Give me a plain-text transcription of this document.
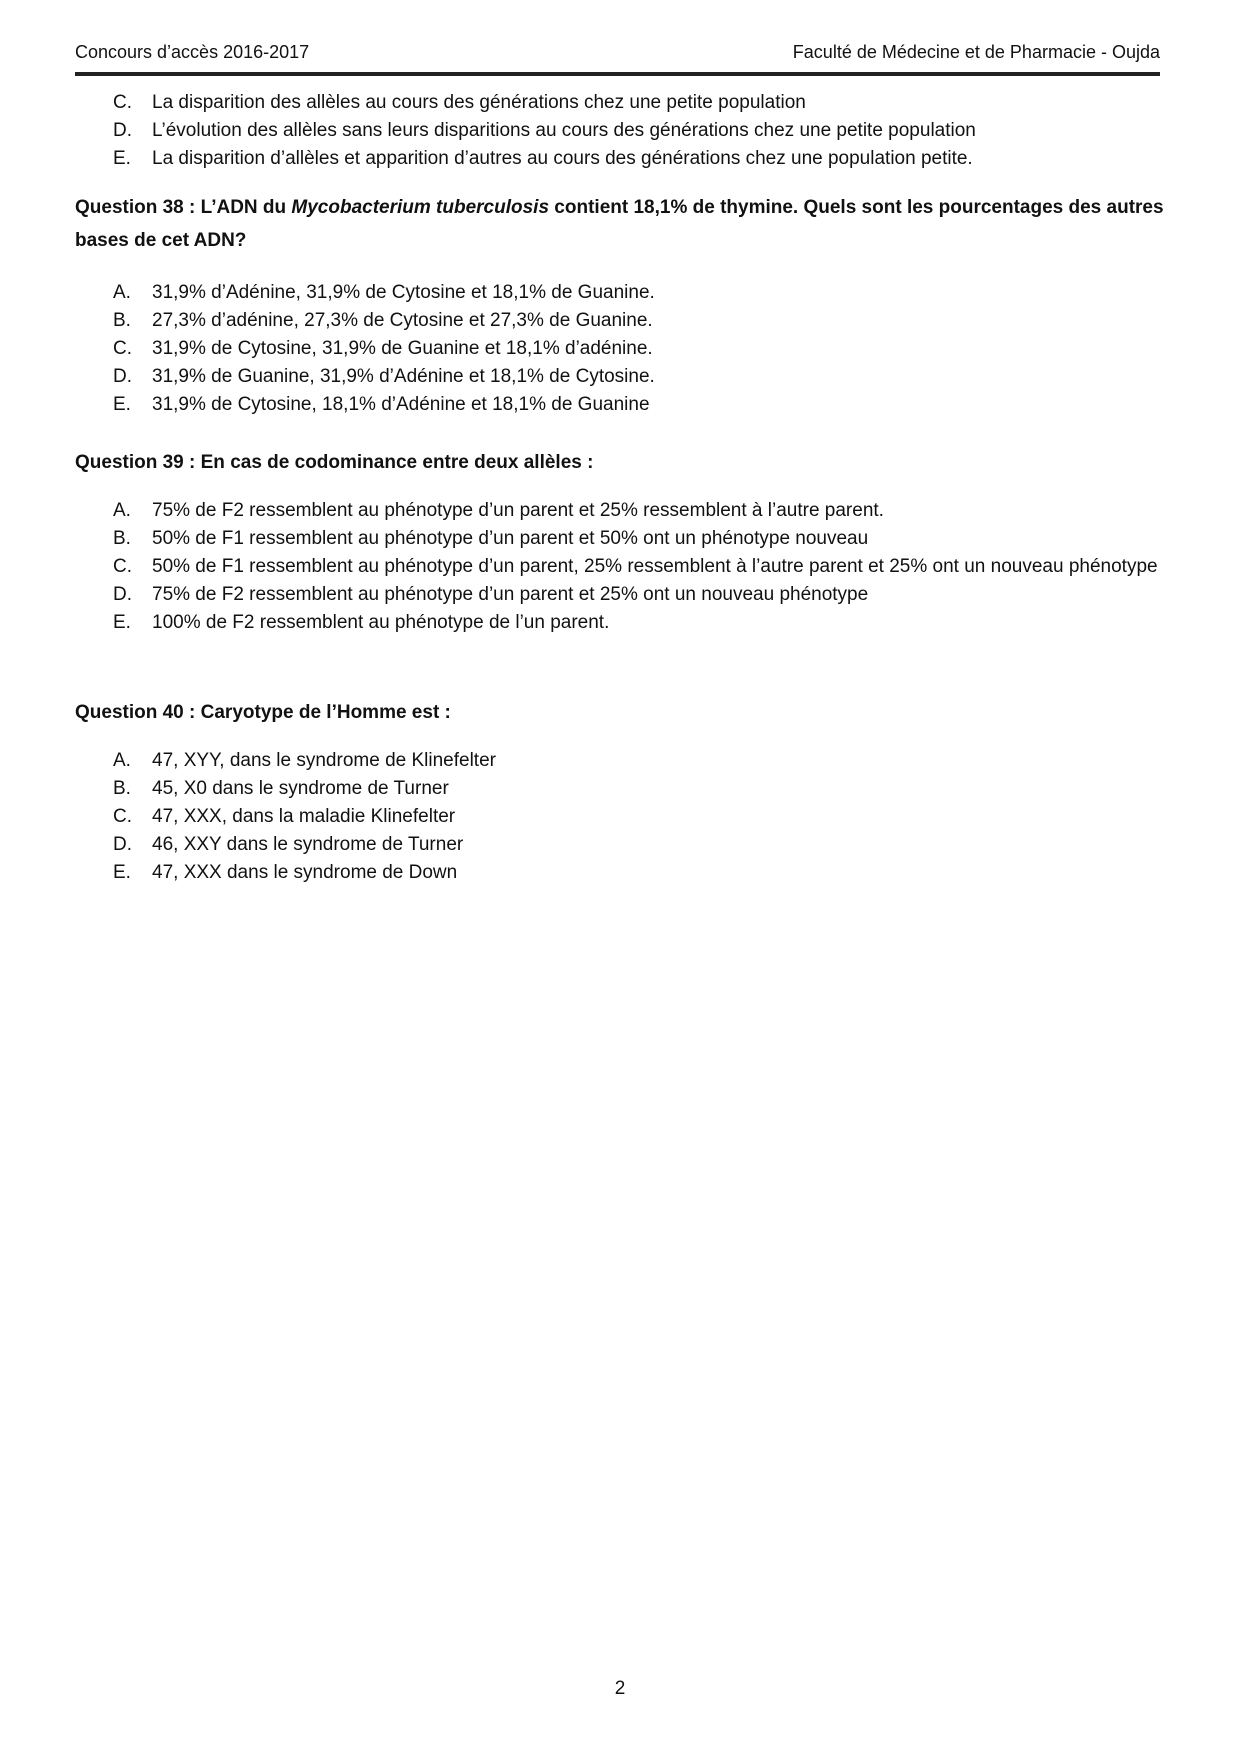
Concours d’accès 2016-2017	Faculté de Médecine et de Pharmacie - Oujda
C. La disparition des allèles au cours des générations chez une petite population
D. L’évolution des allèles sans leurs disparitions au cours des générations chez une petite population
E. La disparition d’allèles et apparition d’autres au cours des générations chez une population petite.
Question 38 : L’ADN du Mycobacterium tuberculosis contient 18,1% de thymine. Quels sont les pourcentages des autres bases de cet ADN?
A. 31,9% d’Adénine, 31,9% de Cytosine et 18,1% de Guanine.
B. 27,3% d’adénine, 27,3% de Cytosine et 27,3% de Guanine.
C. 31,9% de Cytosine, 31,9% de Guanine et 18,1% d’adénine.
D. 31,9% de Guanine, 31,9% d’Adénine et 18,1% de Cytosine.
E. 31,9% de Cytosine, 18,1% d’Adénine et 18,1% de Guanine
Question 39 : En cas de codominance entre deux allèles :
A. 75% de F2 ressemblent au phénotype d’un parent et 25% ressemblent à l’autre parent.
B. 50% de F1 ressemblent au phénotype d’un parent et 50% ont un phénotype nouveau
C. 50% de F1 ressemblent au phénotype d’un parent, 25% ressemblent à l’autre parent et 25% ont un nouveau phénotype
D. 75% de F2 ressemblent au phénotype d’un parent et 25% ont un nouveau phénotype
E. 100% de F2 ressemblent au phénotype de l’un parent.
Question 40 : Caryotype de l’Homme est :
A. 47, XYY, dans le syndrome de Klinefelter
B. 45, X0 dans le syndrome de Turner
C. 47, XXX, dans la maladie Klinefelter
D. 46, XXY dans le syndrome de Turner
E. 47, XXX dans le syndrome de Down
2
